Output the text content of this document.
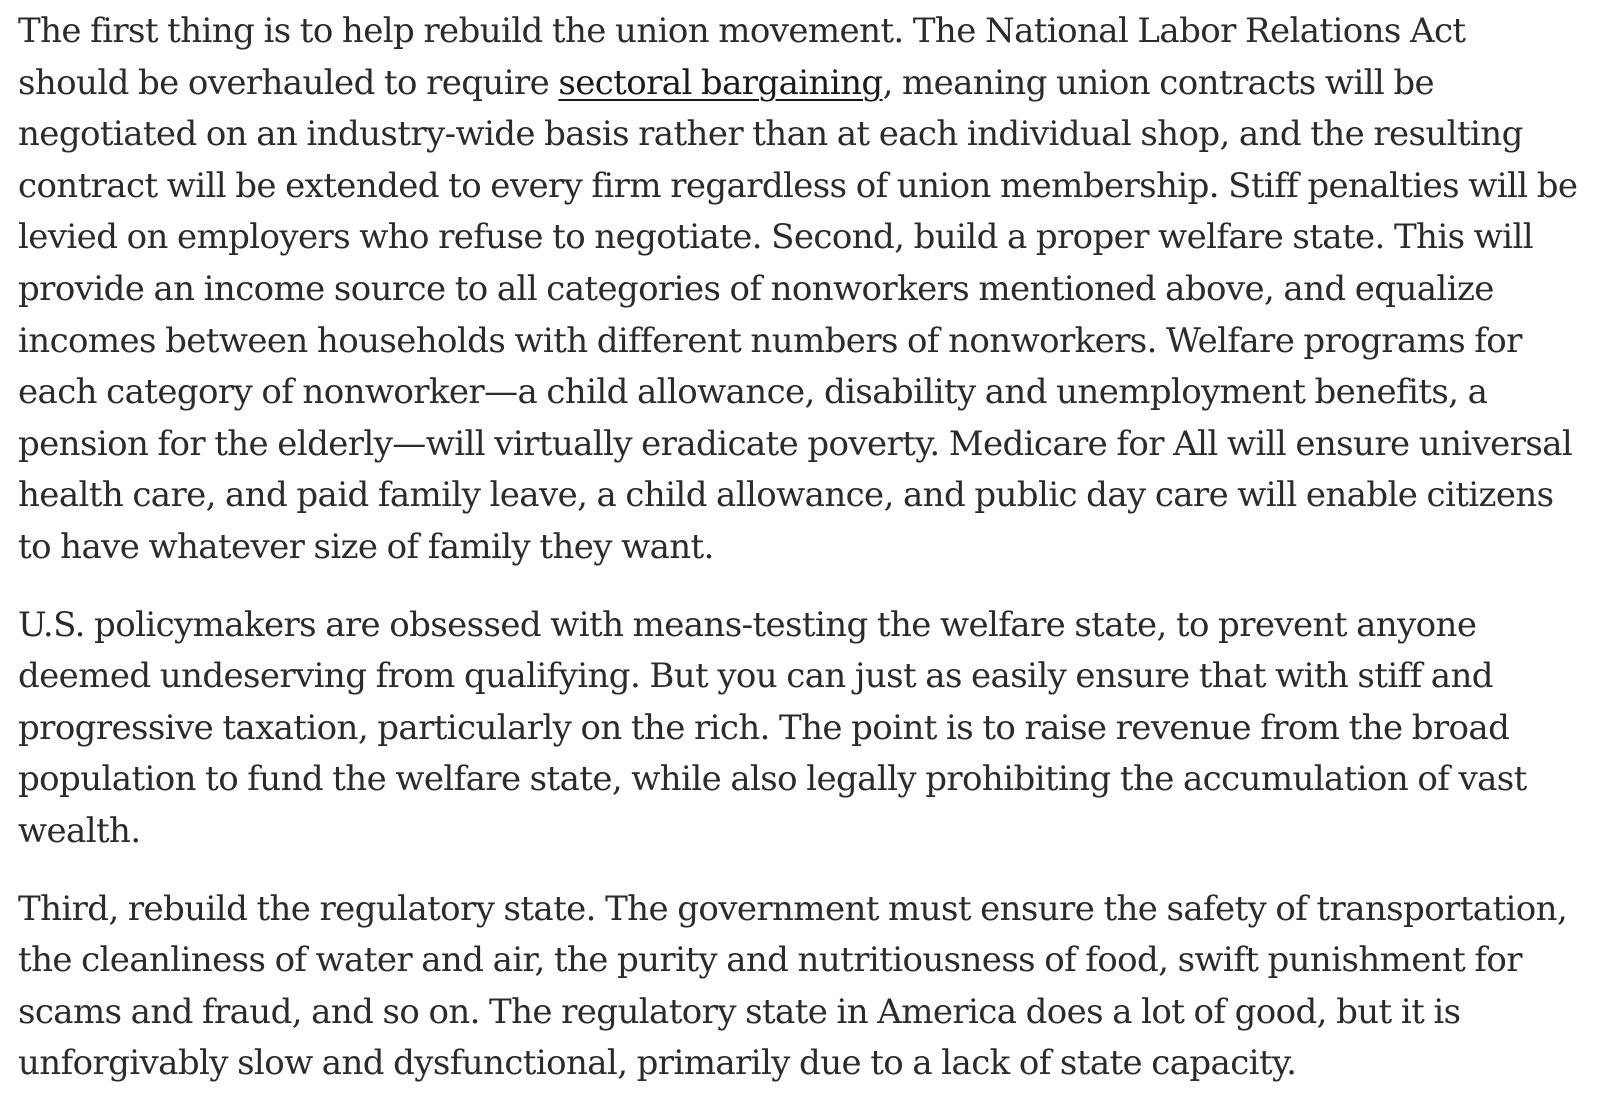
The first thing is to help rebuild the union movement. The National Labor Relations Act should be overhauled to require sectoral bargaining, meaning union contracts will be negotiated on an industry-wide basis rather than at each individual shop, and the resulting contract will be extended to every firm regardless of union membership. Stiff penalties will be levied on employers who refuse to negotiate. Second, build a proper welfare state. This will provide an income source to all categories of nonworkers mentioned above, and equalize incomes between households with different numbers of nonworkers. Welfare programs for each category of nonworker—a child allowance, disability and unemployment benefits, a pension for the elderly—will virtually eradicate poverty. Medicare for All will ensure universal health care, and paid family leave, a child allowance, and public day care will enable citizens to have whatever size of family they want.

U.S. policymakers are obsessed with means-testing the welfare state, to prevent anyone deemed undeserving from qualifying. But you can just as easily ensure that with stiff and progressive taxation, particularly on the rich. The point is to raise revenue from the broad population to fund the welfare state, while also legally prohibiting the accumulation of vast wealth.

Third, rebuild the regulatory state. The government must ensure the safety of transportation, the cleanliness of water and air, the purity and nutritiousness of food, swift punishment for scams and fraud, and so on. The regulatory state in America does a lot of good, but it is unforgivably slow and dysfunctional, primarily due to a lack of state capacity.
